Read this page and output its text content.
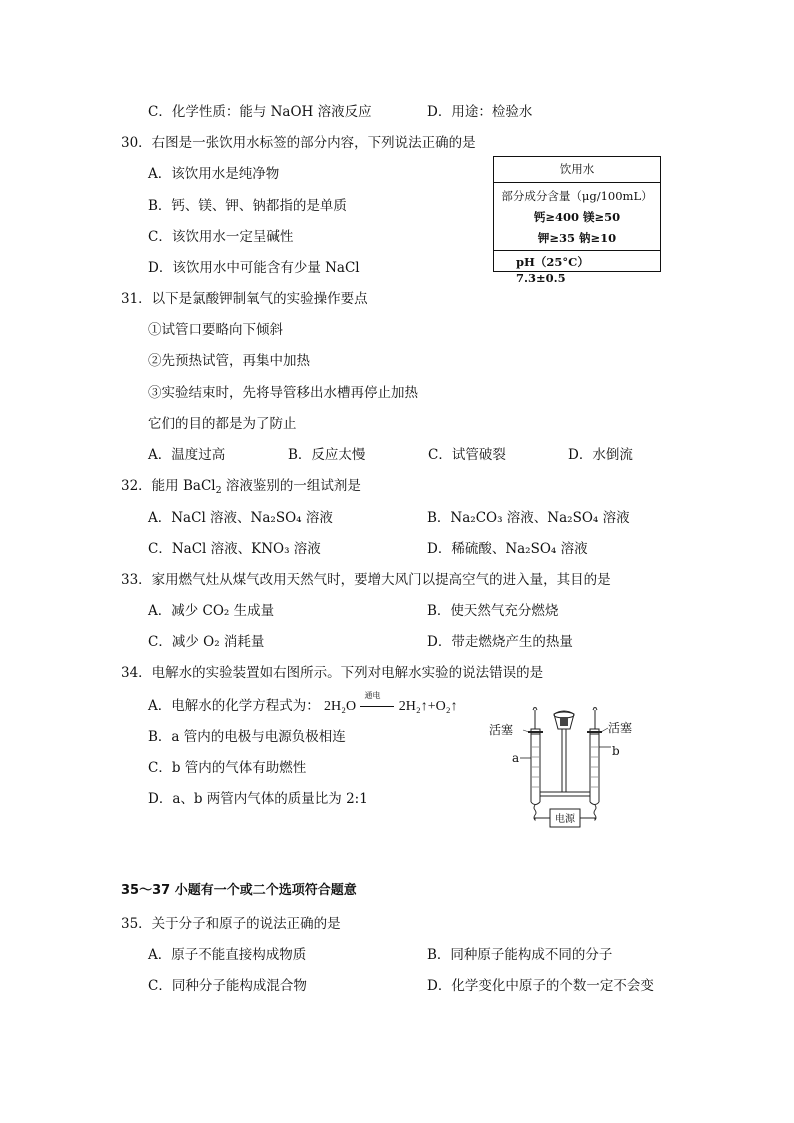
C．化学性质：能与 NaOH 溶液反应	D．用途：检验水
30．右图是一张饮用水标签的部分内容，下列说法正确的是
A．该饮用水是纯净物
B．钙、镁、钾、钠都指的是单质
C．该饮用水一定呈碱性
D．该饮用水中可能含有少量 NaCl
饮用水
部分成分含量（μg/100mL）
钙≥400 镁≥50
钾≥35 钠≥10
pH（25°C）  7.3±0.5
31．以下是氯酸钾制氧气的实验操作要点
①试管口要略向下倾斜
②先预热试管，再集中加热
③实验结束时，先将导管移出水槽再停止加热
它们的目的都是为了防止
A．温度过高	B．反应太慢	C．试管破裂	D．水倒流
32．能用 BaCl$_2$ 溶液鉴别的一组试剂是
A．NaCl 溶液、Na₂SO₄ 溶液	B．Na₂CO₃ 溶液、Na₂SO₄ 溶液
C．NaCl 溶液、KNO₃ 溶液	D．稀硫酸、Na₂SO₄ 溶液
33．家用燃气灶从煤气改用天然气时，要增大风门以提高空气的进入量，其目的是
A．减少 CO₂ 生成量	B．使天然气充分燃烧
C．减少 O₂ 消耗量	D．带走燃烧产生的热量
34．电解水的实验装置如右图所示。下列对电解水实验的说法错误的是
A．电解水的化学方程式为： 2H₂O
通电
2H₂↑+O₂↑
B．a 管内的电极与电源负极相连
C．b 管内的气体有助燃性
D．a、b 两管内气体的质量比为 2:1
电源
活塞	活塞
a	b
35～37 小题有一个或二个选项符合题意
35．关于分子和原子的说法正确的是
A．原子不能直接构成物质	B．同种原子能构成不同的分子
C．同种分子能构成混合物	D．化学变化中原子的个数一定不会变
